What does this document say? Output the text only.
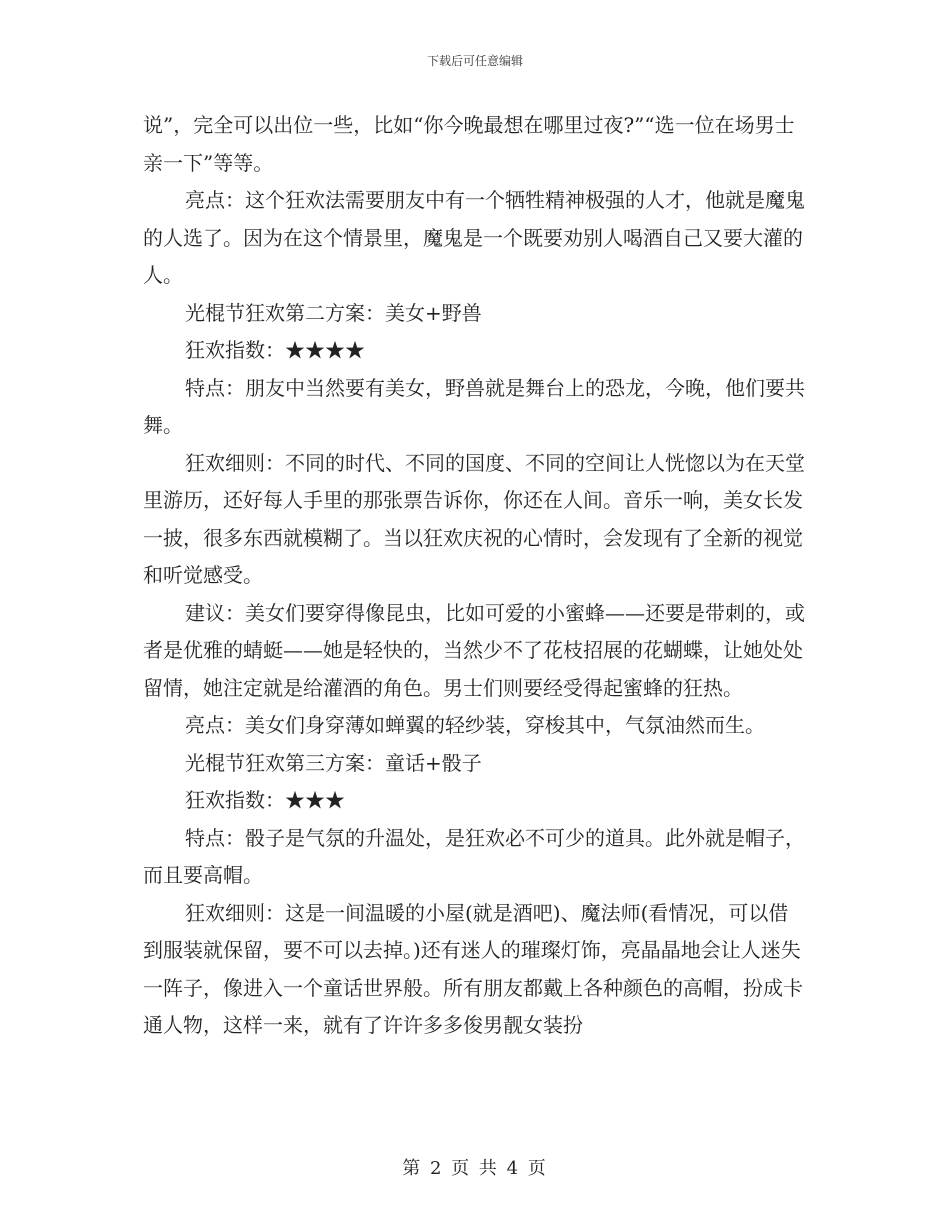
下载后可任意编辑

说”，完全可以出位一些，比如“你今晚最想在哪里过夜?”“选一位在场男士亲一下”等等。

亮点：这个狂欢法需要朋友中有一个牺牲精神极强的人才，他就是魔鬼的人选了。因为在这个情景里，魔鬼是一个既要劝别人喝酒自己又要大灌的人。

光棍节狂欢第二方案：美女+野兽

狂欢指数：★★★★

特点：朋友中当然要有美女，野兽就是舞台上的恐龙，今晚，他们要共舞。

狂欢细则：不同的时代、不同的国度、不同的空间让人恍惚以为在天堂里游历，还好每人手里的那张票告诉你，你还在人间。音乐一响，美女长发一披，很多东西就模糊了。当以狂欢庆祝的心情时，会发现有了全新的视觉和听觉感受。

建议：美女们要穿得像昆虫，比如可爱的小蜜蜂——还要是带刺的，或者是优雅的蜻蜓——她是轻快的，当然少不了花枝招展的花蝴蝶，让她处处留情，她注定就是给灌酒的角色。男士们则要经受得起蜜蜂的狂热。

亮点：美女们身穿薄如蝉翼的轻纱装，穿梭其中，气氛油然而生。

光棍节狂欢第三方案：童话+骰子

狂欢指数：★★★

特点：骰子是气氛的升温处，是狂欢必不可少的道具。此外就是帽子，而且要高帽。

狂欢细则：这是一间温暖的小屋(就是酒吧)、魔法师(看情况，可以借到服装就保留，要不可以去掉。)还有迷人的璀璨灯饰，亮晶晶地会让人迷失一阵子，像进入一个童话世界般。所有朋友都戴上各种颜色的高帽，扮成卡通人物，这样一来，就有了许许多多俊男靓女装扮

第 2 页 共 4 页
